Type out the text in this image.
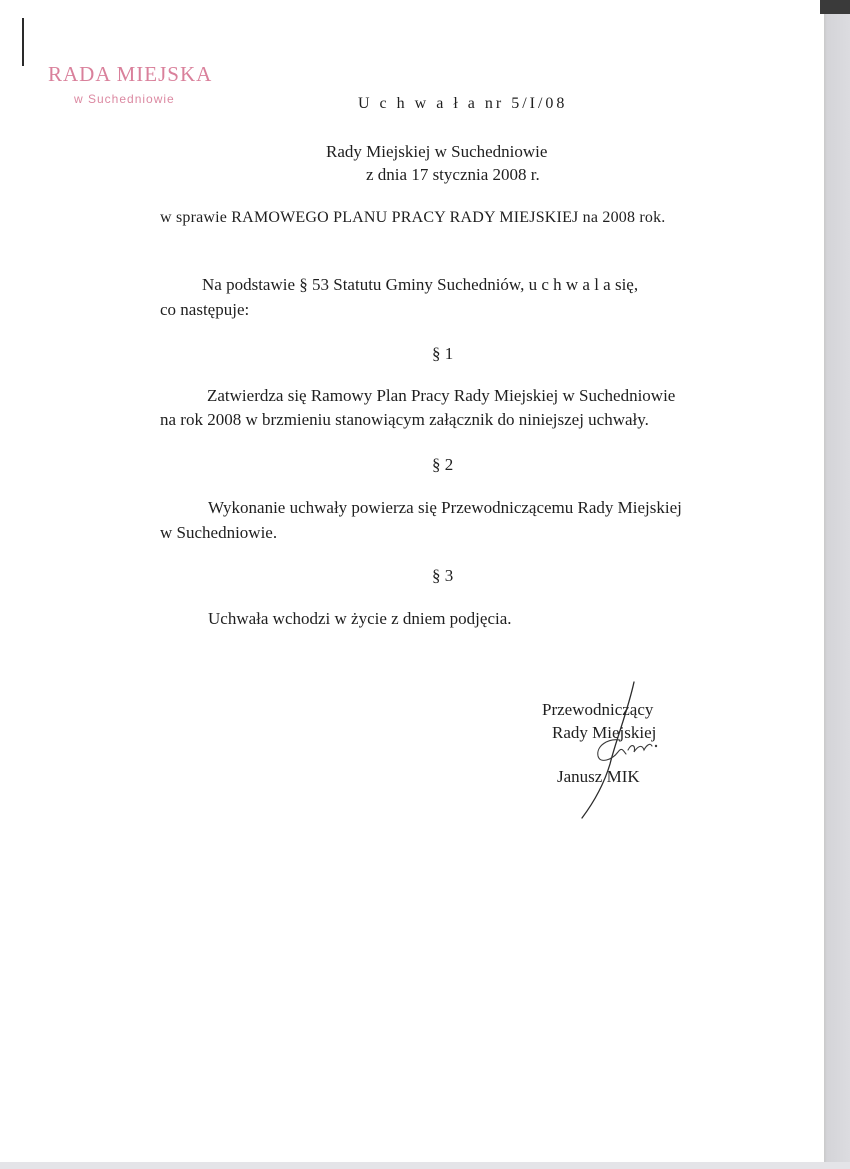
RADA MIEJSKA
w Suchedniowie	U c h w a ł a nr 5/I/08
Rady Miejskiej w Suchedniowie
z dnia 17 stycznia 2008 r.
w sprawie RAMOWEGO PLANU PRACY RADY MIEJSKIEJ na 2008 rok.
Na podstawie § 53 Statutu Gminy Suchedniów, u c h w a l a się,
co następuje:
§ 1
Zatwierdza się Ramowy Plan Pracy Rady Miejskiej w Suchedniowie
na rok 2008 w brzmieniu stanowiącym załącznik do niniejszej uchwały.
§ 2
Wykonanie uchwały powierza się Przewodniczącemu Rady Miejskiej
w Suchedniowie.
§ 3
Uchwała wchodzi w życie z dniem podjęcia.
Przewodniczący
Rady Miejskiej
Janusz MIK
